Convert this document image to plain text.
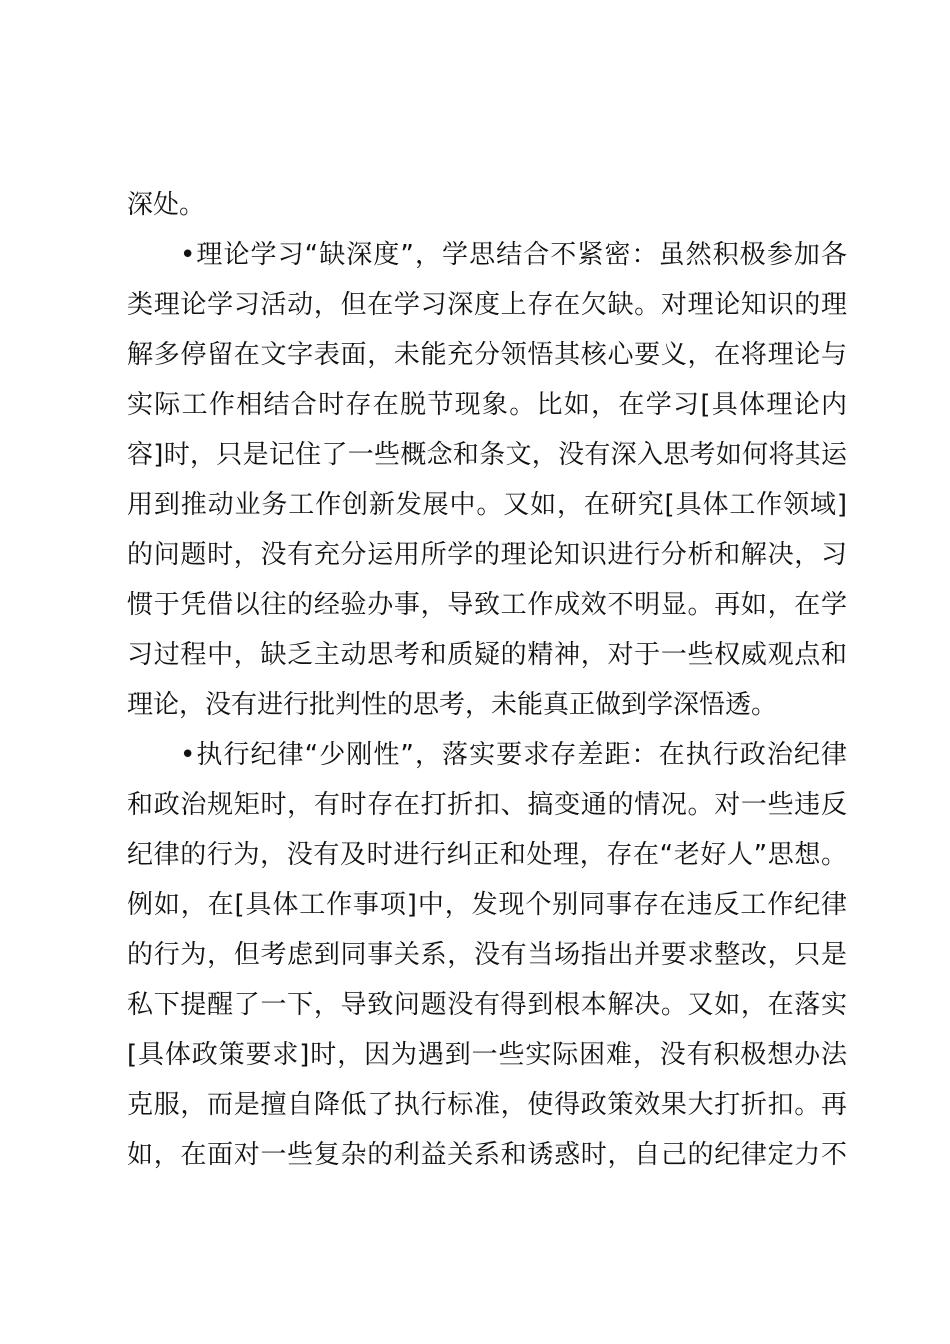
深处。
•理论学习“缺深度”，学思结合不紧密：虽然积极参加各
类理论学习活动，但在学习深度上存在欠缺。对理论知识的理
解多停留在文字表面，未能充分领悟其核心要义，在将理论与
实际工作相结合时存在脱节现象。比如，在学习[具体理论内
容]时，只是记住了一些概念和条文，没有深入思考如何将其运
用到推动业务工作创新发展中。又如，在研究[具体工作领域]
的问题时，没有充分运用所学的理论知识进行分析和解决，习
惯于凭借以往的经验办事，导致工作成效不明显。再如，在学
习过程中，缺乏主动思考和质疑的精神，对于一些权威观点和
理论，没有进行批判性的思考，未能真正做到学深悟透。
•执行纪律“少刚性”，落实要求存差距：在执行政治纪律
和政治规矩时，有时存在打折扣、搞变通的情况。对一些违反
纪律的行为，没有及时进行纠正和处理，存在“老好人”思想。
例如，在[具体工作事项]中，发现个别同事存在违反工作纪律
的行为，但考虑到同事关系，没有当场指出并要求整改，只是
私下提醒了一下，导致问题没有得到根本解决。又如，在落实
[具体政策要求]时，因为遇到一些实际困难，没有积极想办法
克服，而是擅自降低了执行标准，使得政策效果大打折扣。再
如，在面对一些复杂的利益关系和诱惑时，自己的纪律定力不
